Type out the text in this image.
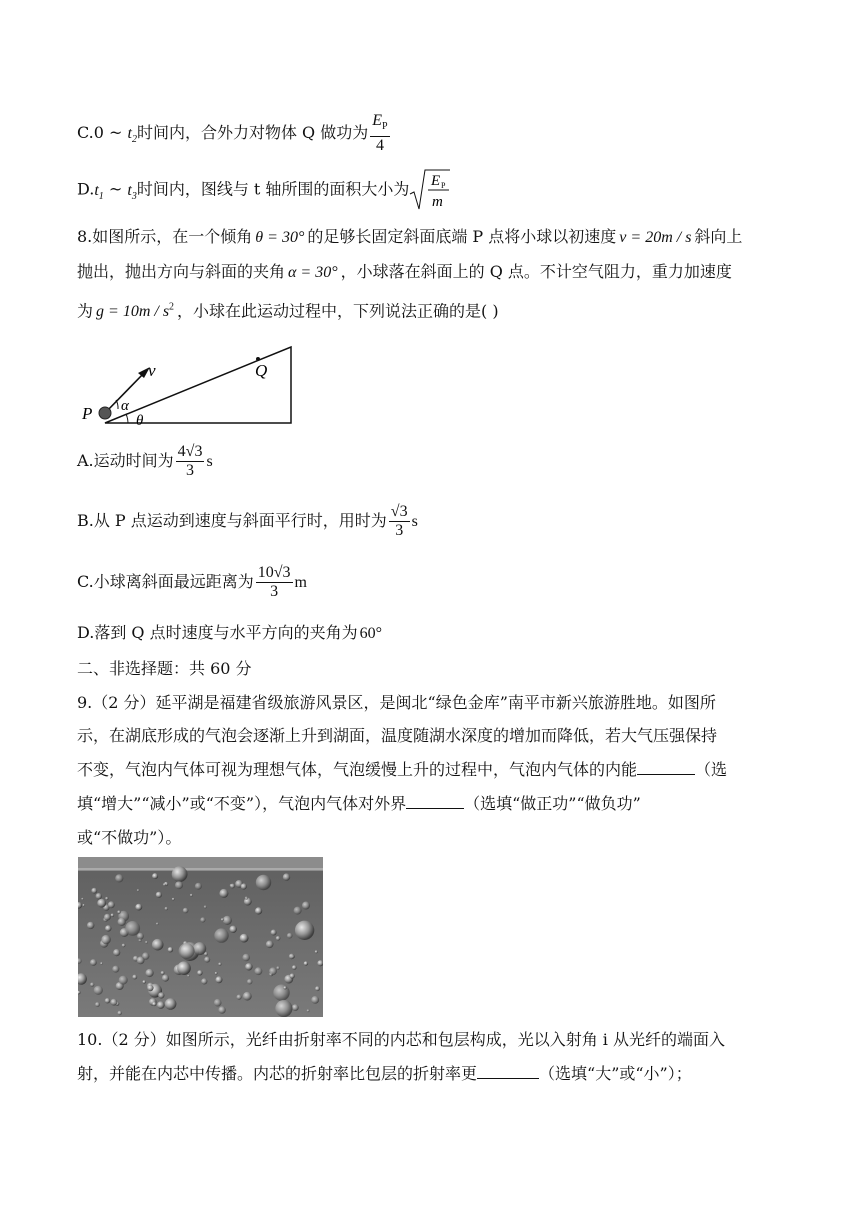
C.0 ~ $t_2$时间内，合外力对物体 Q 做功为 $\frac{E_P}{4}$
$D.t_1$ ~ $t_3$时间内，图线与 t 轴所围的面积大小为 E P
m
8.如图所示，在一个倾角 θ = 30° 的足够长固定斜面底端 P 点将小球以初速度 v = 20m / s 斜向上
抛出，抛出方向与斜面的夹角 α = 30° ，小球落在斜面上的 Q 点。不计空气阻力，重力加速度
为 $g = 10m / s^2$ ，小球在此运动过程中，下列说法正确的是( )
P
Q
v
α
θ
A.运动时间为 $\frac{4√3}{3}$ s
B.从 P 点运动到速度与斜面平行时，用时为 $\frac{√3}{3}$ s
C.小球离斜面最远距离为 $\frac{10√3}{3}$ m
D.落到 Q 点时速度与水平方向的夹角为 60°
二、非选择题：共 60 分
9.（2 分）延平湖是福建省级旅游风景区，是闽北“绿色金库”南平市新兴旅游胜地。如图所
示，在湖底形成的气泡会逐渐上升到湖面，温度随湖水深度的增加而降低，若大气压强保持
不变，气泡内气体可视为理想气体，气泡缓慢上升的过程中，气泡内气体的内能	（选
填“增大”“减小”或“不变”），气泡内气体对外界	（选填“做正功”“做负功”
或“不做功”）。
10.（2 分）如图所示，光纤由折射率不同的内芯和包层构成，光以入射角 i 从光纤的端面入
射，并能在内芯中传播。内芯的折射率比包层的折射率更	（选填“大”或“小”）；
